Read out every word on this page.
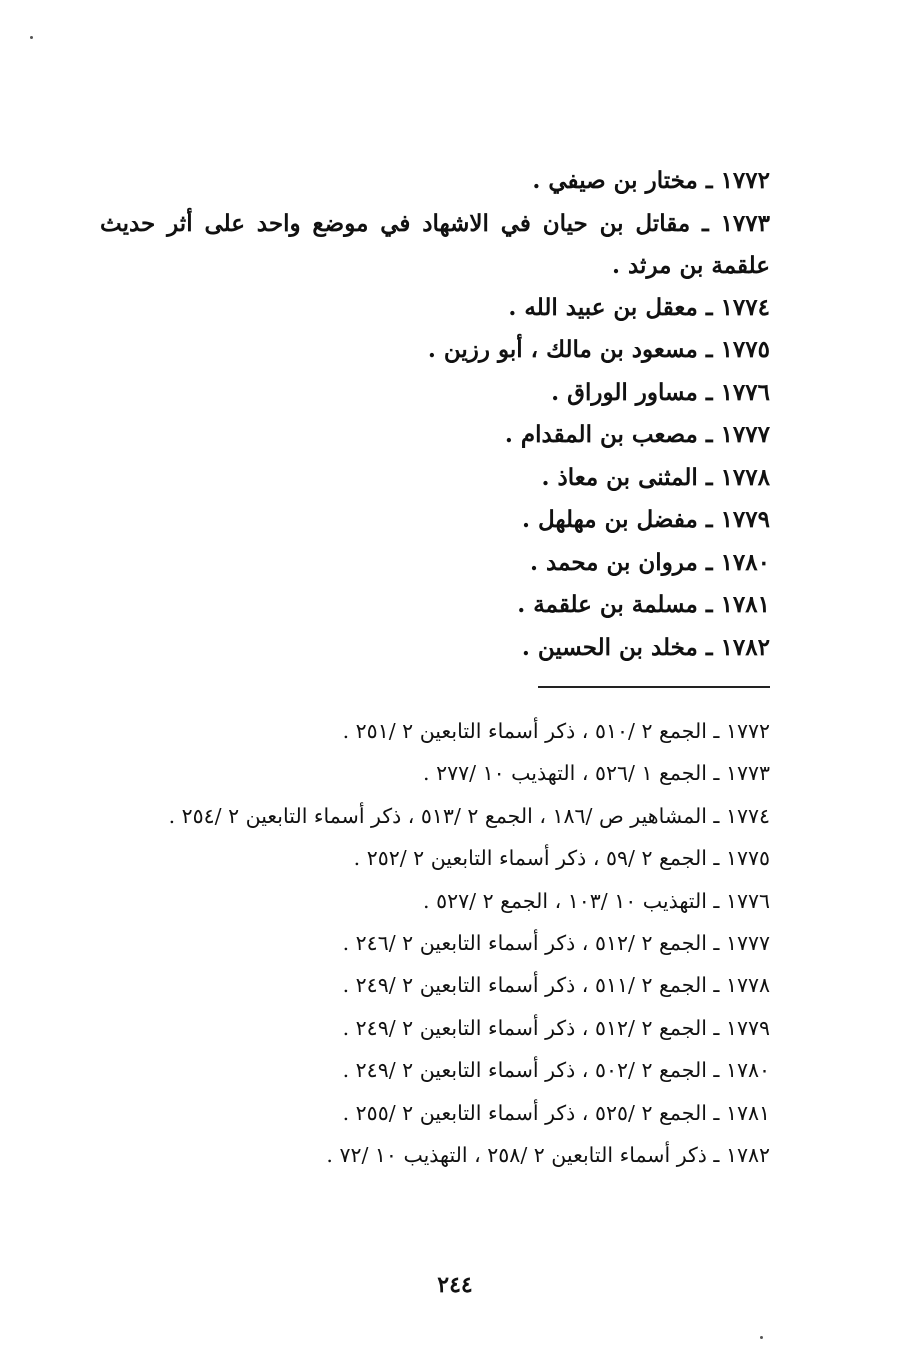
١٧٧٢ ـ مختار بن صيفي .
١٧٧٣ ـ مقاتل بن حيان في الاشهاد في موضع واحد على أثر حديث علقمة بن مرثد .
١٧٧٤ ـ معقل بن عبيد الله .
١٧٧٥ ـ مسعود بن مالك ، أبو رزين .
١٧٧٦ ـ مساور الوراق .
١٧٧٧ ـ مصعب بن المقدام .
١٧٧٨ ـ المثنى بن معاذ .
١٧٧٩ ـ مفضل بن مهلهل .
١٧٨٠ ـ مروان بن محمد .
١٧٨١ ـ مسلمة بن علقمة .
١٧٨٢ ـ مخلد بن الحسين .
١٧٧٢ ـ الجمع ٢ /٥١٠ ، ذكر أسماء التابعين ٢ /٢٥١ .
١٧٧٣ ـ الجمع ١ /٥٢٦ ، التهذيب ١٠ /٢٧٧ .
١٧٧٤ ـ المشاهير ص /١٨٦ ، الجمع ٢ /٥١٣ ، ذكر أسماء التابعين ٢ /٢٥٤ .
١٧٧٥ ـ الجمع ٢ /٥٩ ، ذكر أسماء التابعين ٢ /٢٥٢ .
١٧٧٦ ـ التهذيب ١٠ /١٠٣ ، الجمع ٢ /٥٢٧ .
١٧٧٧ ـ الجمع ٢ /٥١٢ ، ذكر أسماء التابعين ٢ /٢٤٦ .
١٧٧٨ ـ الجمع ٢ /٥١١ ، ذكر أسماء التابعين ٢ /٢٤٩ .
١٧٧٩ ـ الجمع ٢ /٥١٢ ، ذكر أسماء التابعين ٢ /٢٤٩ .
١٧٨٠ ـ الجمع ٢ /٥٠٢ ، ذكر أسماء التابعين ٢ /٢٤٩ .
١٧٨١ ـ الجمع ٢ /٥٢٥ ، ذكر أسماء التابعين ٢ /٢٥٥ .
١٧٨٢ ـ ذكر أسماء التابعين ٢ /٢٥٨ ، التهذيب ١٠ /٧٢ .
٢٤٤
